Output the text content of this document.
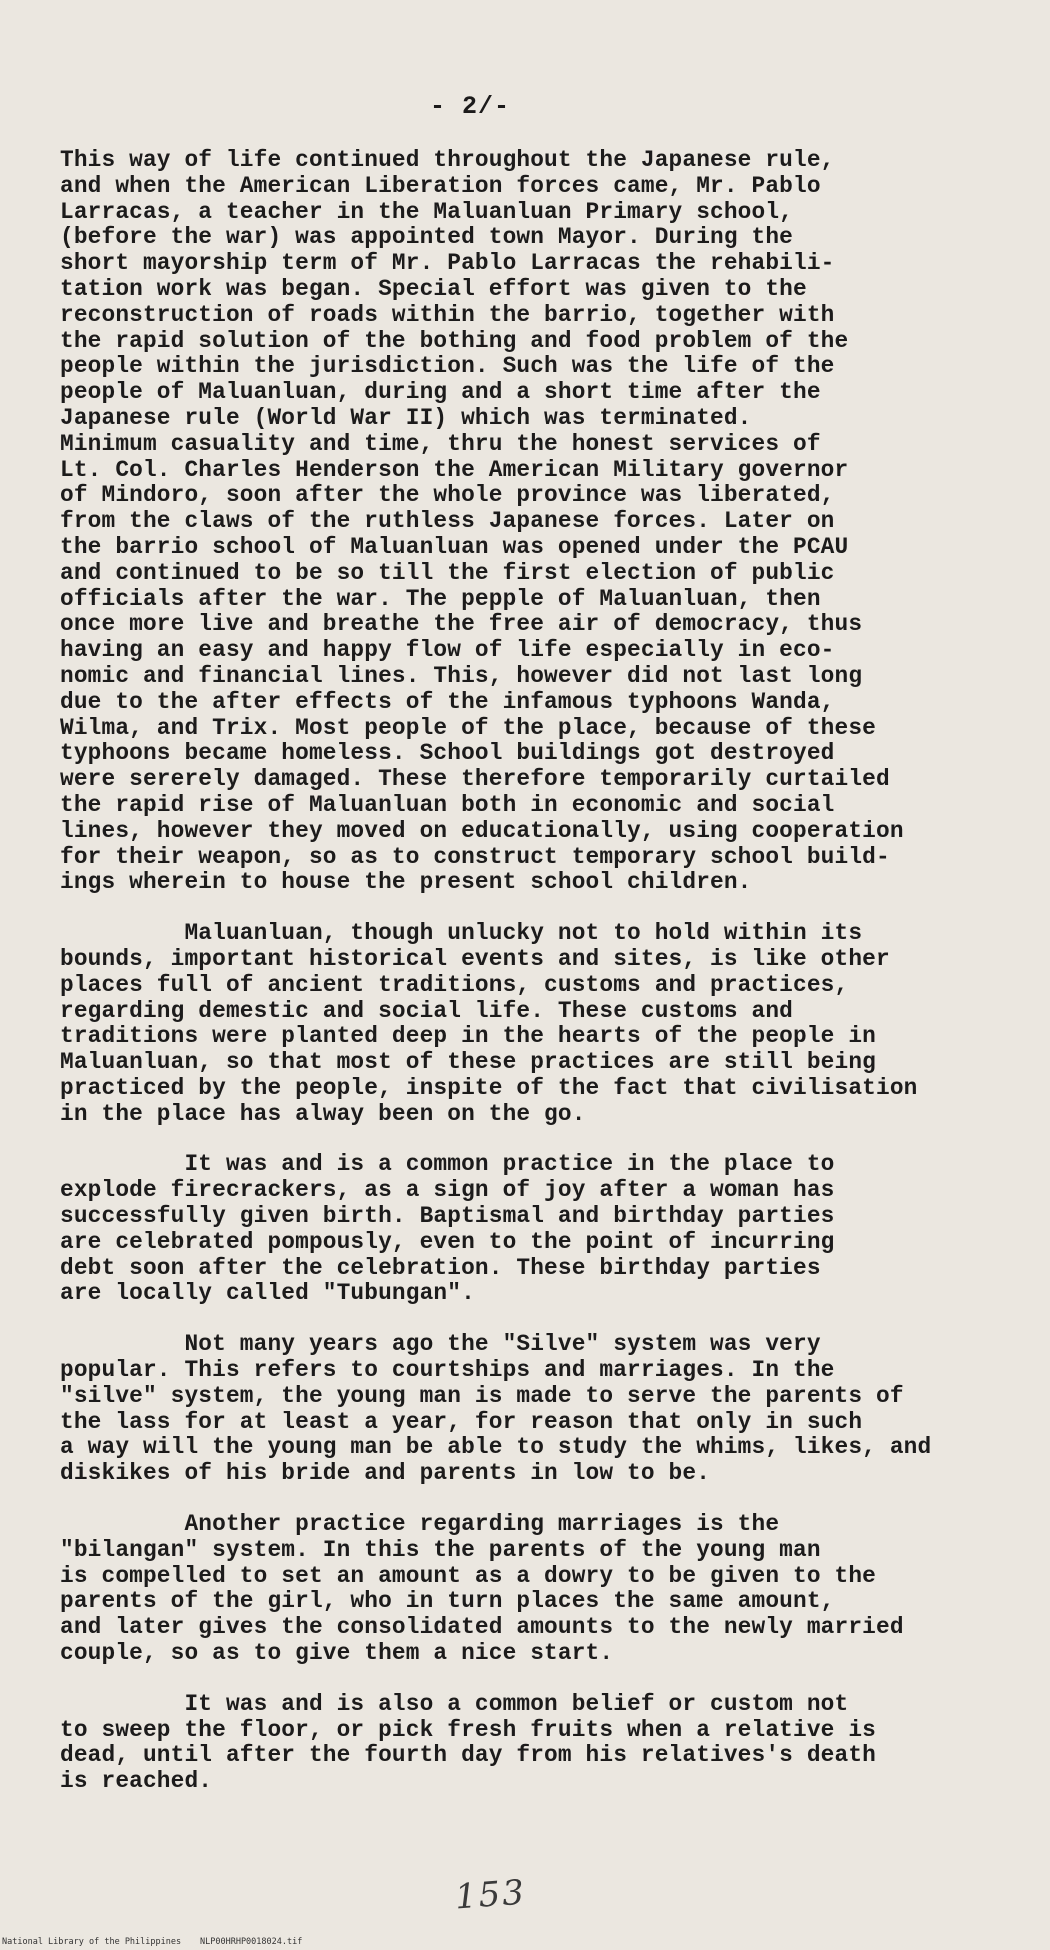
- 2/-
This way of life continued throughout the Japanese rule,
and when the American Liberation forces came, Mr. Pablo
Larracas, a teacher in the Maluanluan Primary school,
(before the war) was appointed town Mayor. During the
short mayorship term of Mr. Pablo Larracas the rehabili-
tation work was began. Special effort was given to the
reconstruction of roads within the barrio, together with
the rapid solution of the bothing and food problem of the
people within the jurisdiction. Such was the life of the
people of Maluanluan, during and a short time after the
Japanese rule (World War II) which was terminated.
Minimum casuality and time, thru the honest services of
Lt. Col. Charles Henderson the American Military governor
of Mindoro, soon after the whole province was liberated,
from the claws of the ruthless Japanese forces. Later on
the barrio school of Maluanluan was opened under the PCAU
and continued to be so till the first election of public
officials after the war. The pepple of Maluanluan, then
once more live and breathe the free air of democracy, thus
having an easy and happy flow of life especially in eco-
nomic and financial lines. This, however did not last long
due to the after effects of the infamous typhoons Wanda,
Wilma, and Trix. Most people of the place, because of these
typhoons became homeless. School buildings got destroyed
were sererely damaged. These therefore temporarily curtailed
the rapid rise of Maluanluan both in economic and social
lines, however they moved on educationally, using cooperation
for their weapon, so as to construct temporary school build-
ings wherein to house the present school children.
Maluanluan, though unlucky not to hold within its
bounds, important historical events and sites, is like other
places full of ancient traditions, customs and practices,
regarding demestic and social life. These customs and
traditions were planted deep in the hearts of the people in
Maluanluan, so that most of these practices are still being
practiced by the people, inspite of the fact that civilisation
in the place has alway been on the go.
It was and is a common practice in the place to
explode firecrackers, as a sign of joy after a woman has
successfully given birth. Baptismal and birthday parties
are celebrated pompously, even to the point of incurring
debt soon after the celebration. These birthday parties
are locally called "Tubungan".
Not many years ago the "Silve" system was very
popular. This refers to courtships and marriages. In the
"silve" system, the young man is made to serve the parents of
the lass for at least a year, for reason that only in such
a way will the young man be able to study the whims, likes, and
diskikes of his bride and parents in low to be.
Another practice regarding marriages is the
"bilangan" system. In this the parents of the young man
is compelled to set an amount as a dowry to be given to the
parents of the girl, who in turn places the same amount,
and later gives the consolidated amounts to the newly married
couple, so as to give them a nice start.
It was and is also a common belief or custom not
to sweep the floor, or pick fresh fruits when a relative is
dead, until after the fourth day from his relatives's death
is reached.
153
National Library of the Philippines NLP00HRHP0018024.tif
